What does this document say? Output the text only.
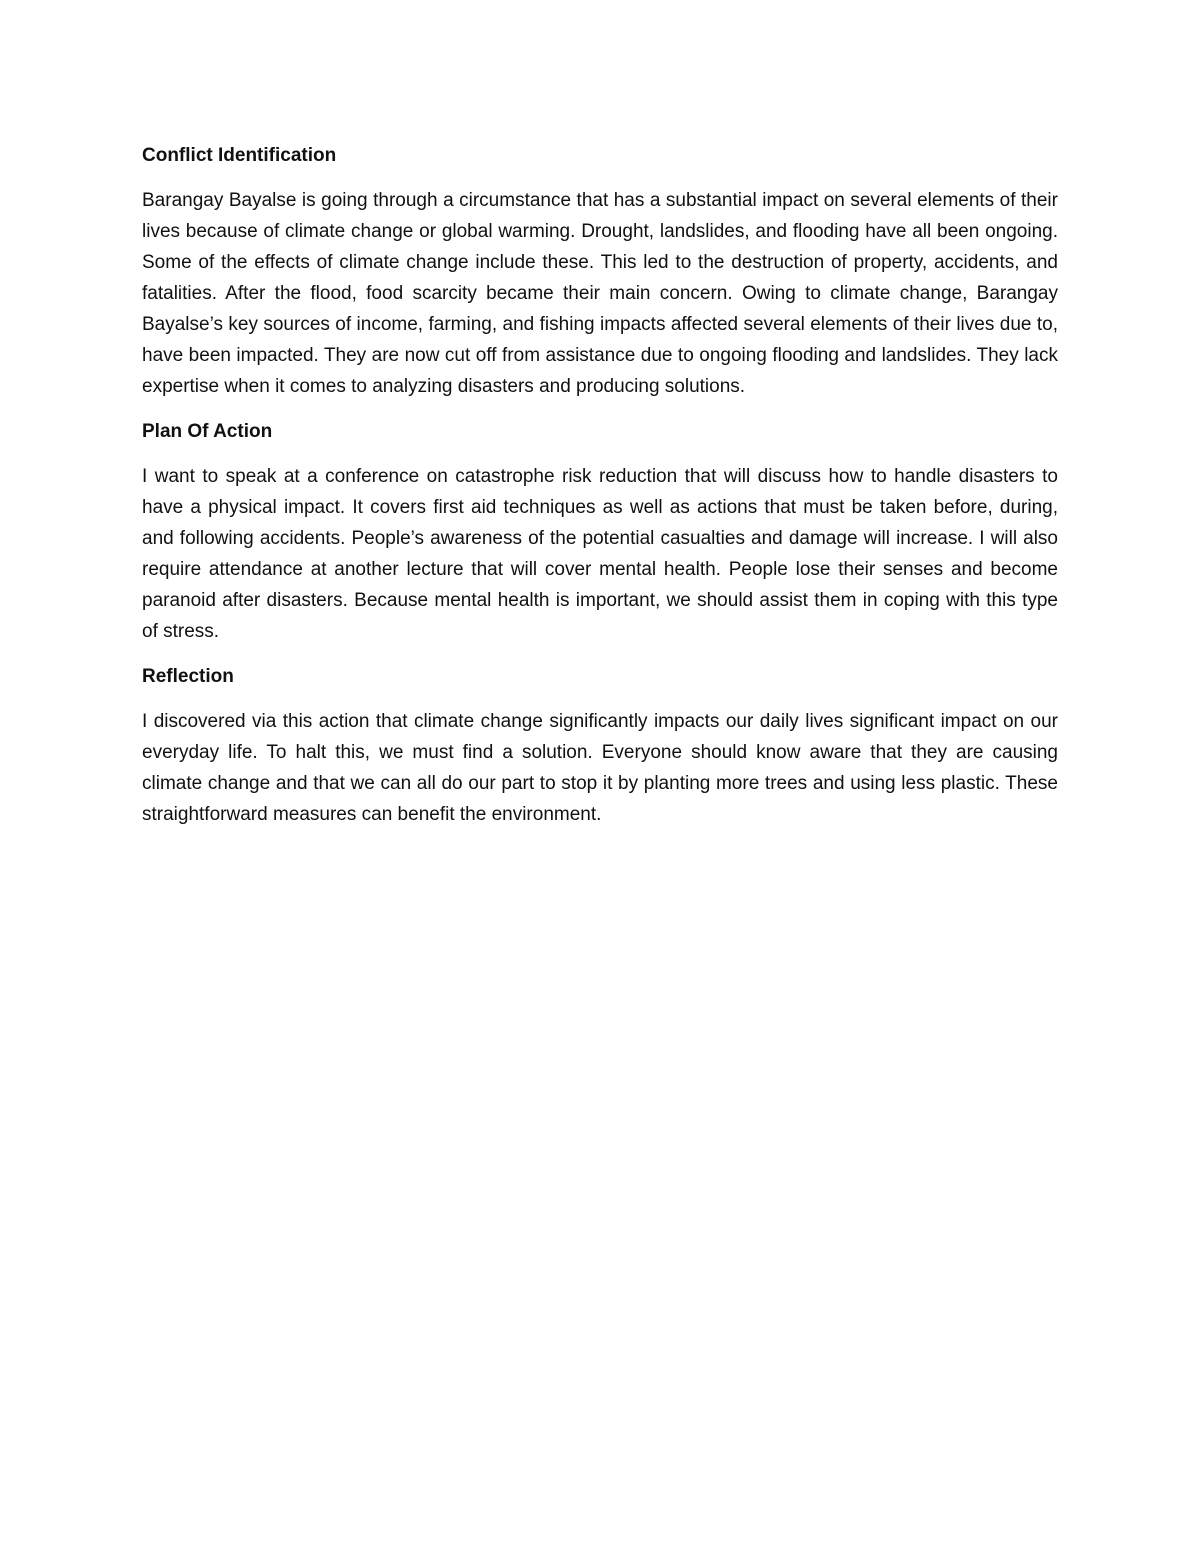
Conflict Identification
Barangay Bayalse is going through a circumstance that has a substantial impact on several elements of their lives because of climate change or global warming. Drought, landslides, and flooding have all been ongoing. Some of the effects of climate change include these. This led to the destruction of property, accidents, and fatalities. After the flood, food scarcity became their main concern. Owing to climate change, Barangay Bayalse’s key sources of income, farming, and fishing impacts affected several elements of their lives due to, have been impacted. They are now cut off from assistance due to ongoing flooding and landslides. They lack expertise when it comes to analyzing disasters and producing solutions.
Plan Of Action
I want to speak at a conference on catastrophe risk reduction that will discuss how to handle disasters to have a physical impact. It covers first aid techniques as well as actions that must be taken before, during, and following accidents. People’s awareness of the potential casualties and damage will increase. I will also require attendance at another lecture that will cover mental health. People lose their senses and become paranoid after disasters. Because mental health is important, we should assist them in coping with this type of stress.
Reflection
I discovered via this action that climate change significantly impacts our daily lives significant impact on our everyday life. To halt this, we must find a solution. Everyone should know aware that they are causing climate change and that we can all do our part to stop it by planting more trees and using less plastic. These straightforward measures can benefit the environment.
